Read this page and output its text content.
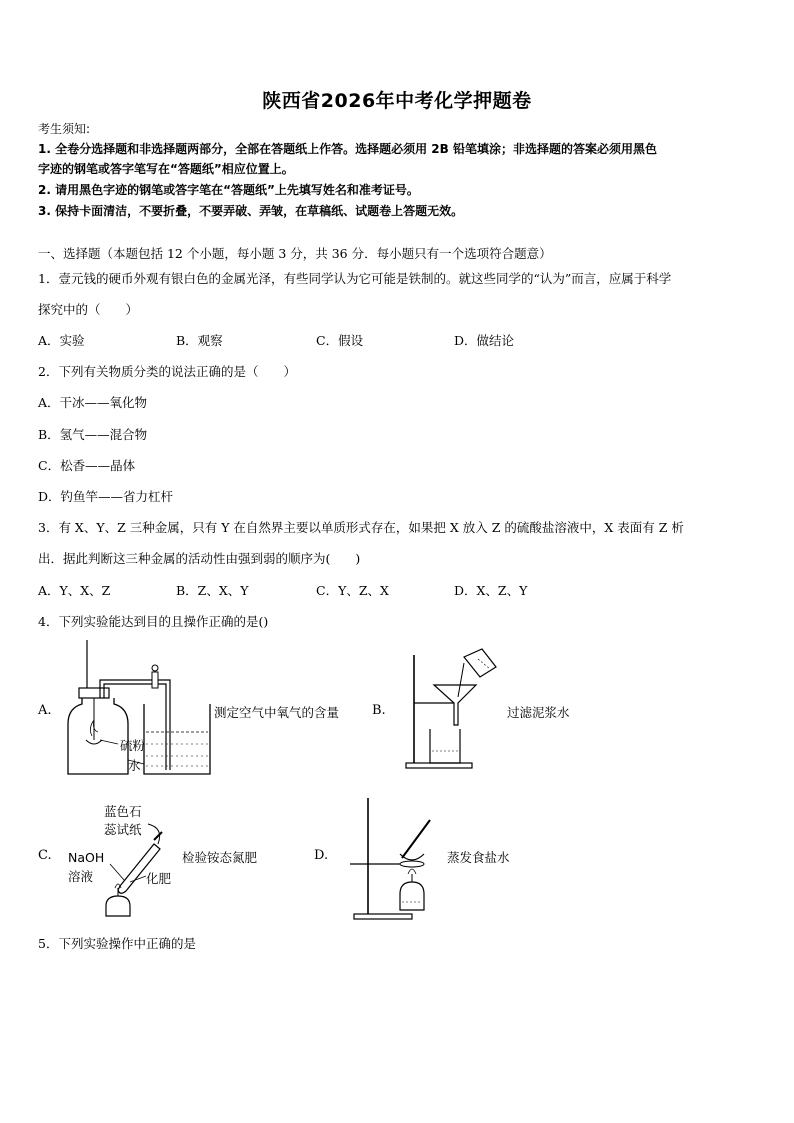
陕西省2026年中考化学押题卷
考生须知:
1. 全卷分选择题和非选择题两部分，全部在答题纸上作答。选择题必须用 2B 铅笔填涂；非选择题的答案必须用黑色
字迹的钢笔或答字笔写在“答题纸”相应位置上。
2. 请用黑色字迹的钢笔或答字笔在“答题纸”上先填写姓名和准考证号。
3. 保持卡面清洁，不要折叠，不要弄破、弄皱，在草稿纸、试题卷上答题无效。
一、选择题（本题包括 12 个小题，每小题 3 分，共 36 分．每小题只有一个选项符合题意）
1．壹元钱的硬币外观有银白色的金属光泽，有些同学认为它可能是铁制的。就这些同学的“认为”而言，应属于科学
探究中的（　　）
A．实验	B．观察	C．假设	D．做结论
2．下列有关物质分类的说法正确的是（　　）
A．干冰——氧化物
B．氢气——混合物
C．松香——晶体
D．钓鱼竿——省力杠杆
3．有 X、Y、Z 三种金属，只有 Y 在自然界主要以单质形式存在，如果把 X 放入 Z 的硫酸盐溶液中，X 表面有 Z 析
出．据此判断这三种金属的活动性由强到弱的顺序为(　　)
A．Y、X、Z	B．Z、X、Y	C．Y、Z、X	D．X、Z、Y
4．下列实验能达到目的且操作正确的是()
A.
硫粉
水
测定空气中氧气的含量	B.	过滤泥浆水
C.
蓝色石
蕊试纸
NaOH
溶液	化肥
检验铵态氮肥	D.	蒸发食盐水
5．下列实验操作中正确的是
